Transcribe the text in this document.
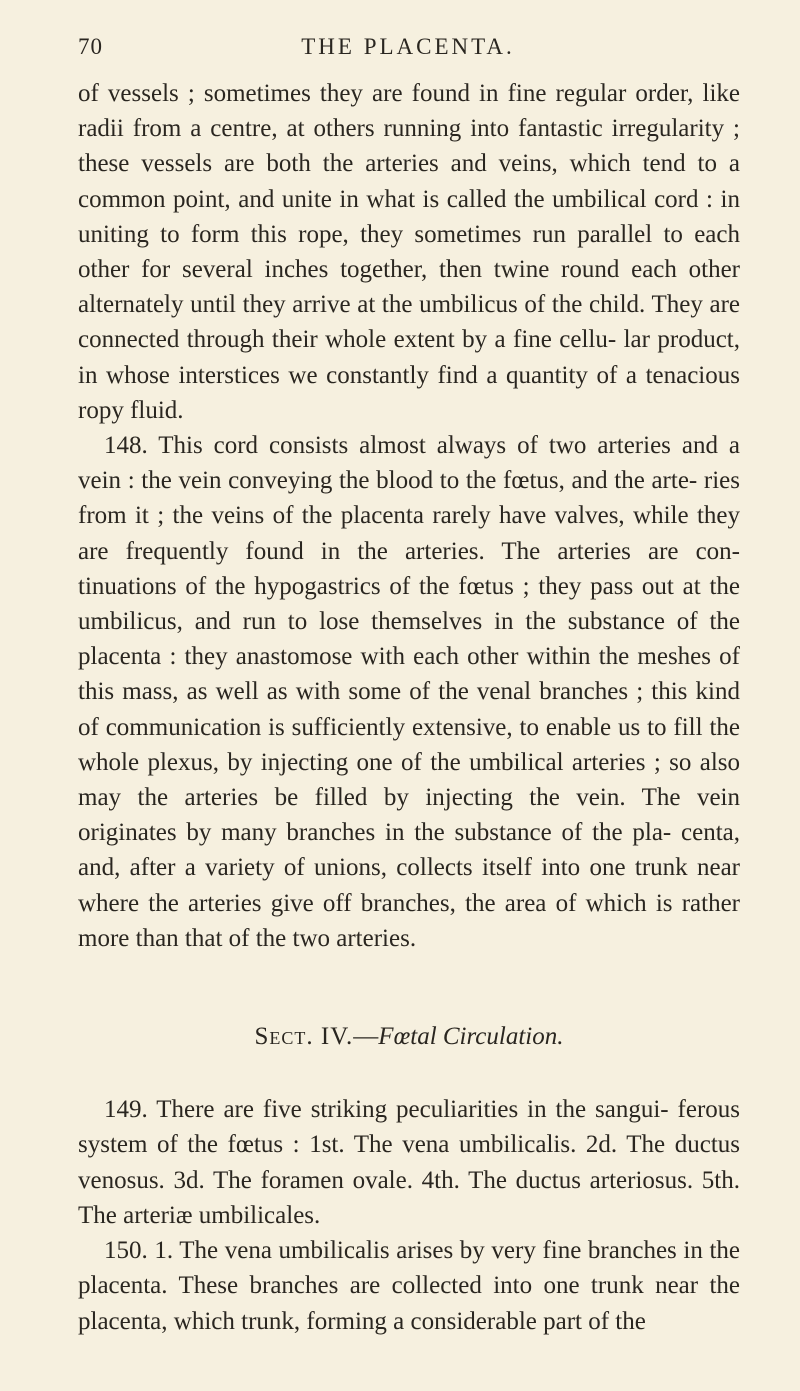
70	THE PLACENTA.

of vessels ; sometimes they are found in fine regular order, like radii from a centre, at others running into fantastic irregularity ; these vessels are both the arteries and veins, which tend to a common point, and unite in what is called the umbilical cord : in uniting to form this rope, they sometimes run parallel to each other for several inches together, then twine round each other alternately until they arrive at the umbilicus of the child. They are connected through their whole extent by a fine cellu- lar product, in whose interstices we constantly find a quantity of a tenacious ropy fluid.

148. This cord consists almost always of two arteries and a vein : the vein conveying the blood to the fœtus, and the arte- ries from it ; the veins of the placenta rarely have valves, while they are frequently found in the arteries. The arteries are con- tinuations of the hypogastrics of the fœtus ; they pass out at the umbilicus, and run to lose themselves in the substance of the placenta : they anastomose with each other within the meshes of this mass, as well as with some of the venal branches ; this kind of communication is sufficiently extensive, to enable us to fill the whole plexus, by injecting one of the umbilical arteries ; so also may the arteries be filled by injecting the vein. The vein originates by many branches in the substance of the pla- centa, and, after a variety of unions, collects itself into one trunk near where the arteries give off branches, the area of which is rather more than that of the two arteries.

Sect. IV.—Fœtal Circulation.

149. There are five striking peculiarities in the sangui- ferous system of the fœtus : 1st. The vena umbilicalis. 2d. The ductus venosus. 3d. The foramen ovale. 4th. The ductus arteriosus. 5th. The arteriæ umbilicales.

150. 1. The vena umbilicalis arises by very fine branches in the placenta. These branches are collected into one trunk near the placenta, which trunk, forming a considerable part of the
